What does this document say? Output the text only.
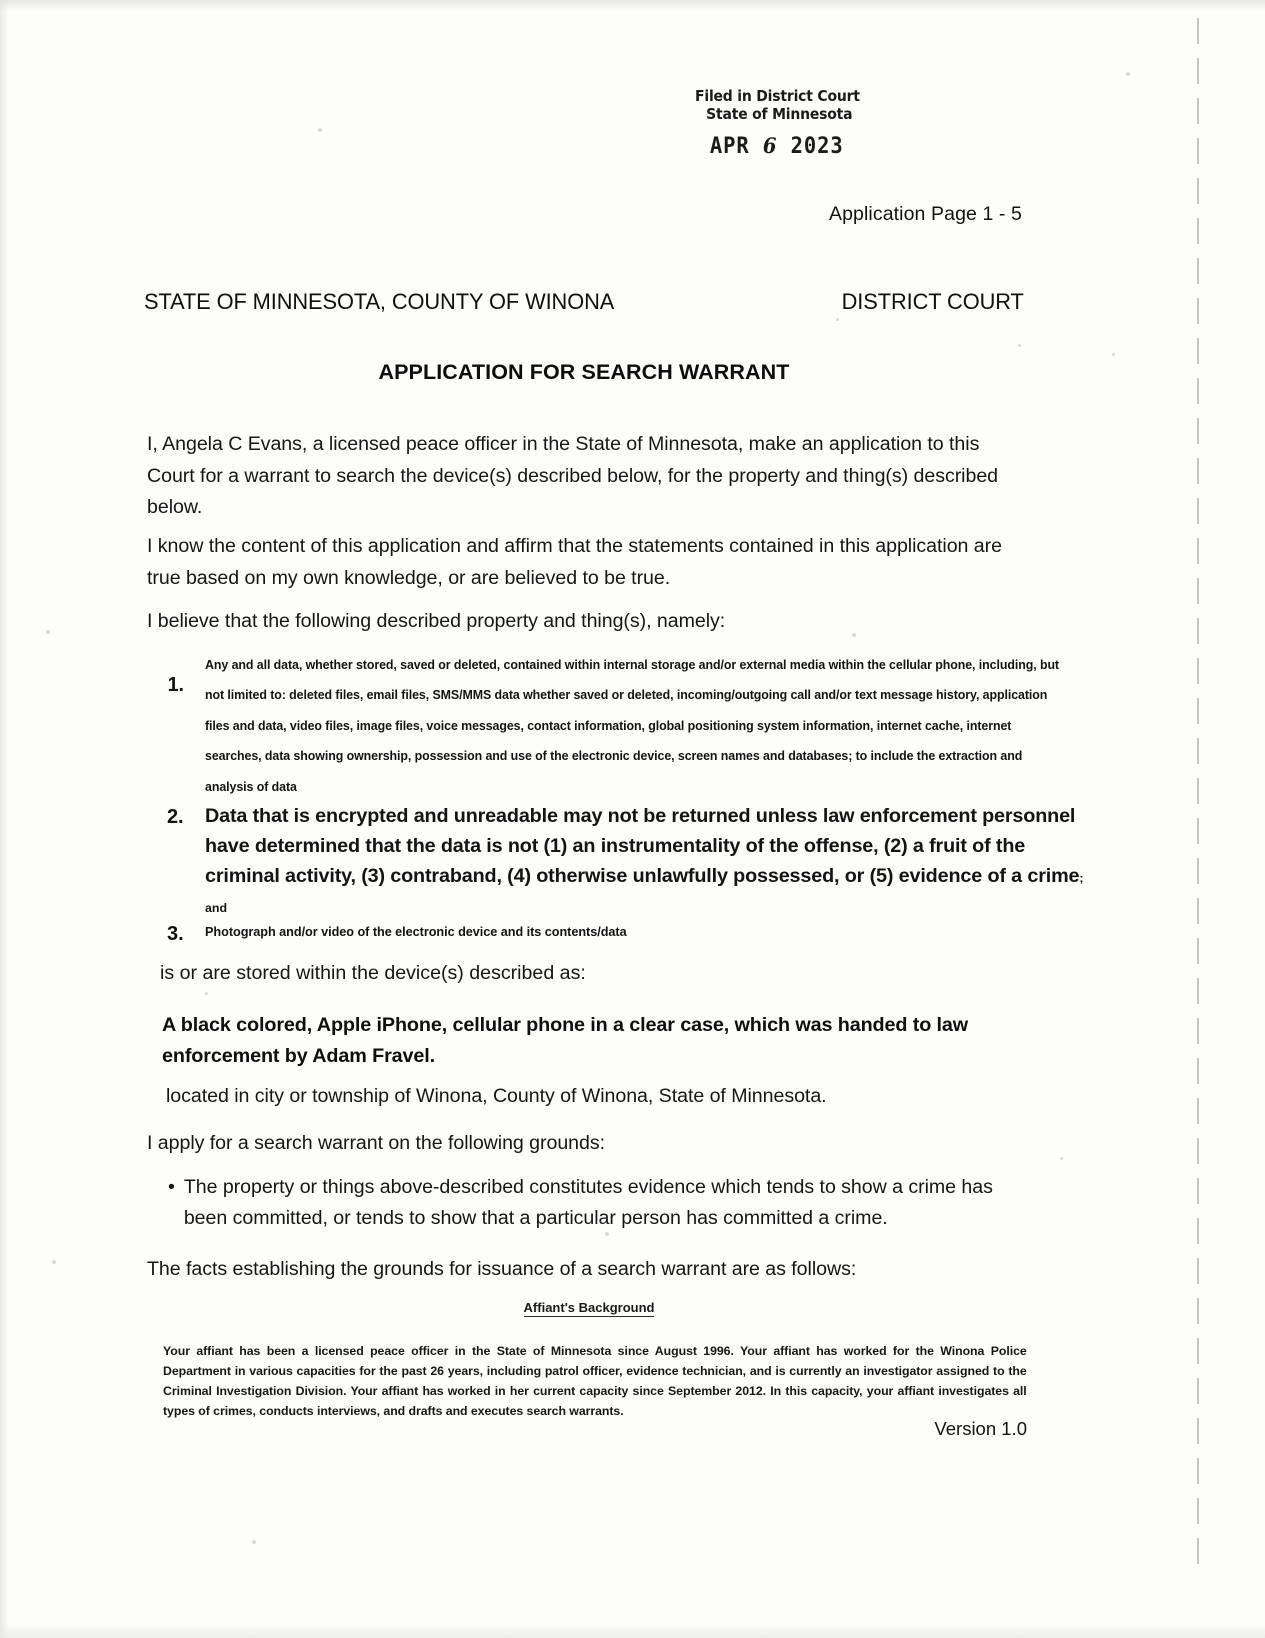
Filed in District Court
State of Minnesota
APR 6 2023
Application Page 1 - 5
STATE OF MINNESOTA, COUNTY OF WINONA	DISTRICT COURT
APPLICATION FOR SEARCH WARRANT
I, Angela C Evans, a licensed peace officer in the State of Minnesota, make an application to this Court for a warrant to search the device(s) described below, for the property and thing(s) described below.
I know the content of this application and affirm that the statements contained in this application are true based on my own knowledge, or are believed to be true.
I believe that the following described property and thing(s), namely:
1.
Any and all data, whether stored, saved or deleted, contained within internal storage and/or external media within the cellular phone, including, but not limited to: deleted files, email files, SMS/MMS data whether saved or deleted, incoming/outgoing call and/or text message history, application files and data, video files, image files, voice messages, contact information, global positioning system information, internet cache, internet searches, data showing ownership, possession and use of the electronic device, screen names and databases; to include the extraction and analysis of data
2. Data that is encrypted and unreadable may not be returned unless law enforcement personnel have determined that the data is not (1) an instrumentality of the offense, (2) a fruit of the criminal activity, (3) contraband, (4) otherwise unlawfully possessed, or (5) evidence of a crime; and
3. Photograph and/or video of the electronic device and its contents/data
is or are stored within the device(s) described as:
A black colored, Apple iPhone, cellular phone in a clear case, which was handed to law enforcement by Adam Fravel.
located in city or township of Winona, County of Winona, State of Minnesota.
I apply for a search warrant on the following grounds:
• The property or things above-described constitutes evidence which tends to show a crime has been committed, or tends to show that a particular person has committed a crime.
The facts establishing the grounds for issuance of a search warrant are as follows:
Affiant's Background
Your affiant has been a licensed peace officer in the State of Minnesota since August 1996. Your affiant has worked for the Winona Police Department in various capacities for the past 26 years, including patrol officer, evidence technician, and is currently an investigator assigned to the Criminal Investigation Division. Your affiant has worked in her current capacity since September 2012. In this capacity, your affiant investigates all types of crimes, conducts interviews, and drafts and executes search warrants.
Version 1.0
